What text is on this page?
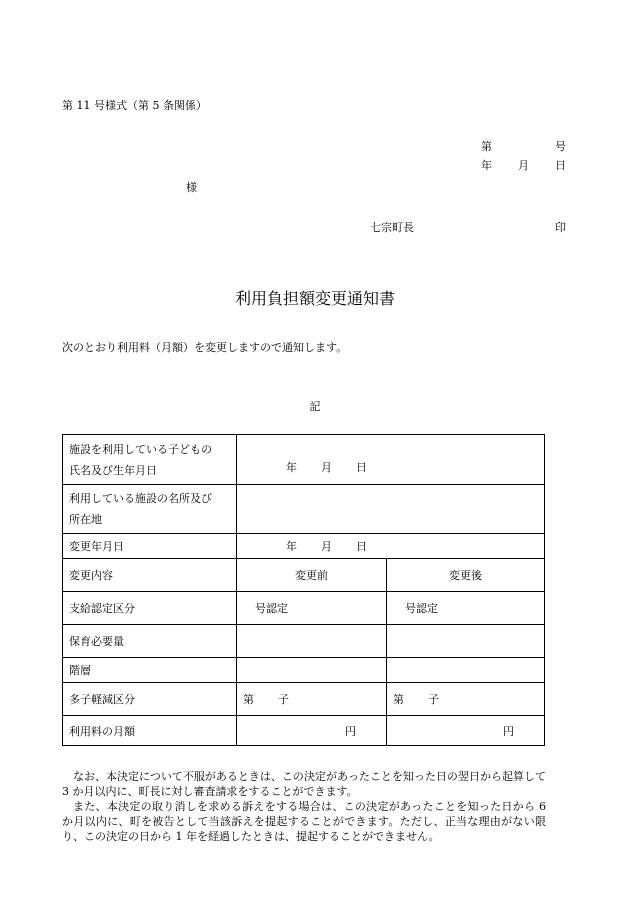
第 11 号様式（第 5 条関係）
第	号
年 月 日
様
七宗町長	印
利用負担額変更通知書
次のとおり利用料（月額）を変更しますので通知します。
記
施設を利用している子どもの
氏名及び生年月日	年 月 日	

利用している施設の名所及び
所在地		

変更年月日	年 月 日	
変更内容	変更前	変更後
支給認定区分	号認定	号認定
保育必要量		
階層		
多子軽減区分	第 子	第 子
利用料の月額	円	円

なお、本決定について不服があるときは、この決定があったことを知った日の翌日から起算して 3 か月以内に、町長に対し審査請求をすることができます。

また、本決定の取り消しを求める訴えをする場合は、この決定があったことを知った日から 6 か月以内に、町を被告として当該訴えを提起することができます。ただし、正当な理由がない限り、この決定の日から 1 年を経過したときは、提起することができません。
